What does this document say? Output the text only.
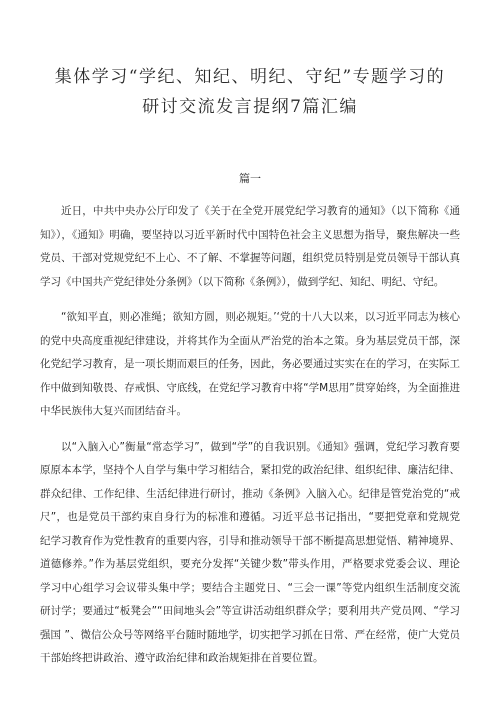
集体学习“学纪、知纪、明纪、守纪”专题学习的
研讨交流发言提纲7篇汇编
篇一

近日，中共中央办公厅印发了《关于在全党开展党纪学习教育的通知》（以下简称《通知》），《通知》明确，要坚持以习近平新时代中国特色社会主义思想为指导，聚焦解决一些党员、干部对党规党纪不上心、不了解、不掌握等问题，组织党员特别是党员领导干部认真学习《中国共产党纪律处分条例》（以下简称《条例》），做到学纪、知纪、明纪、守纪。

“欲知平直，则必准绳；欲知方圆，则必规矩。’‘党的十八大以来，以习近平同志为核心的党中央高度重视纪律建设，并将其作为全面从严治党的治本之策。身为基层党员干部，深化党纪学习教育，是一项长期而艰巨的任务，因此，务必要通过实实在在的学习，在实际工作中做到知敬畏、存戒惧、守底线，在党纪学习教育中将“学M思用”贯穿始终，为全面推进中华民族伟大复兴而团结奋斗。

以“入脑入心”衡量“常态学习”，做到“学”的自我识别。《通知》强调，党纪学习教育要原原本本学，坚持个人自学与集中学习相结合，紧扣党的政治纪律、组织纪律、廉洁纪律、群众纪律、工作纪律、生活纪律进行研讨，推动《条例》入脑入心。纪律是管党治党的“戒尺”，也是党员干部约束自身行为的标准和遵循。习近平总书记指出，“要把党章和党规党纪学习教育作为党性教育的重要内容，引导和推动领导干部不断提高思想觉悟、精神境界、道德修养。”作为基层党组织，要充分发挥“关键少数”带头作用，严格要求党委会议、理论学习中心组学习会议带头集中学；要结合主题党日、“三会一课”等党内组织生活制度交流研讨学；要通过“板凳会”“田间地头会”等宣讲活动组织群众学；要利用共产党员网、“学习强国 ”、微信公众号等网络平台随时随地学，切实把学习抓在日常、严在经常，使广大党员干部始终把讲政治、遵守政治纪律和政治规矩排在首要位置。
